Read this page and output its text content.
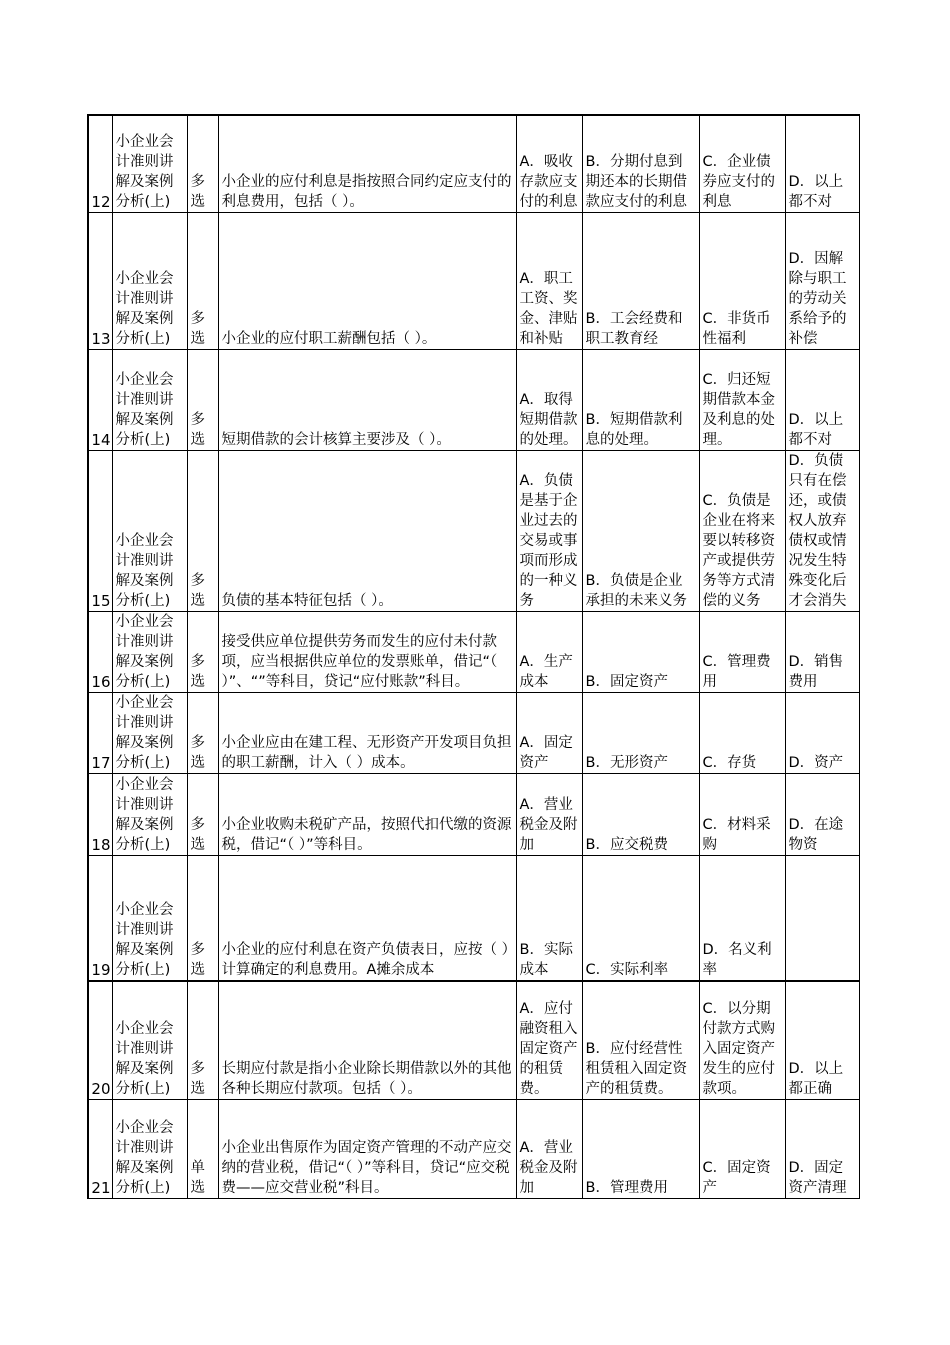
12	小企业会计准则讲解及案例分析(上)	多选	小企业的应付利息是指按照合同约定应支付的利息费用，包括（ ）。	A．吸收存款应支付的利息	B．分期付息到期还本的长期借款应支付的利息	C．企业债券应支付的利息	D．以上都不对
13	小企业会计准则讲解及案例分析(上)	多选	小企业的应付职工薪酬包括（ ）。	A．职工工资、奖金、津贴和补贴	B．工会经费和职工教育经	C．非货币性福利	D．因解除与职工的劳动关系给予的补偿
14	小企业会计准则讲解及案例分析(上)	多选	短期借款的会计核算主要涉及（ ）。	A．取得短期借款的处理。	B．短期借款利息的处理。	C．归还短期借款本金及利息的处理。	D．以上都不对
15	小企业会计准则讲解及案例分析(上)	多选	负债的基本特征包括（ ）。	A．负债是基于企业过去的交易或事项而形成的一种义务	B．负债是企业承担的未来义务	C．负债是企业在将来要以转移资产或提供劳务等方式清偿的义务	D．负债只有在偿还，或债权人放弃债权或情况发生特殊变化后才会消失
16	小企业会计准则讲解及案例分析(上)	多选	接受供应单位提供劳务而发生的应付未付款项，应当根据供应单位的发票账单，借记“（ ）”、“”等科目，贷记“应付账款”科目。	A．生产成本	B．固定资产	C．管理费用	D．销售费用
17	小企业会计准则讲解及案例分析(上)	多选	小企业应由在建工程、无形资产开发项目负担的职工薪酬，计入（ ）成本。	A．固定资产	B．无形资产	C．存货	D．资产
18	小企业会计准则讲解及案例分析(上)	多选	小企业收购未税矿产品，按照代扣代缴的资源税，借记“（ ）”等科目。	A．营业税金及附加	B．应交税费	C．材料采购	D．在途物资
19	小企业会计准则讲解及案例分析(上)	多选	小企业的应付利息在资产负债表日，应按（ ）计算确定的利息费用。A摊余成本	B．实际成本	C．实际利率	D．名义利率	
20	小企业会计准则讲解及案例分析(上)	多选	长期应付款是指小企业除长期借款以外的其他各种长期应付款项。包括（ ）。	A．应付融资租入固定资产的租赁费。	B．应付经营性租赁租入固定资产的租赁费。	C．以分期付款方式购入固定资产发生的应付款项。	D．以上都正确
21	小企业会计准则讲解及案例分析(上)	单选	小企业出售原作为固定资产管理的不动产应交纳的营业税，借记“（ ）”等科目，贷记“应交税费——应交营业税”科目。	A．营业税金及附加	B．管理费用	C．固定资产	D．固定资产清理
